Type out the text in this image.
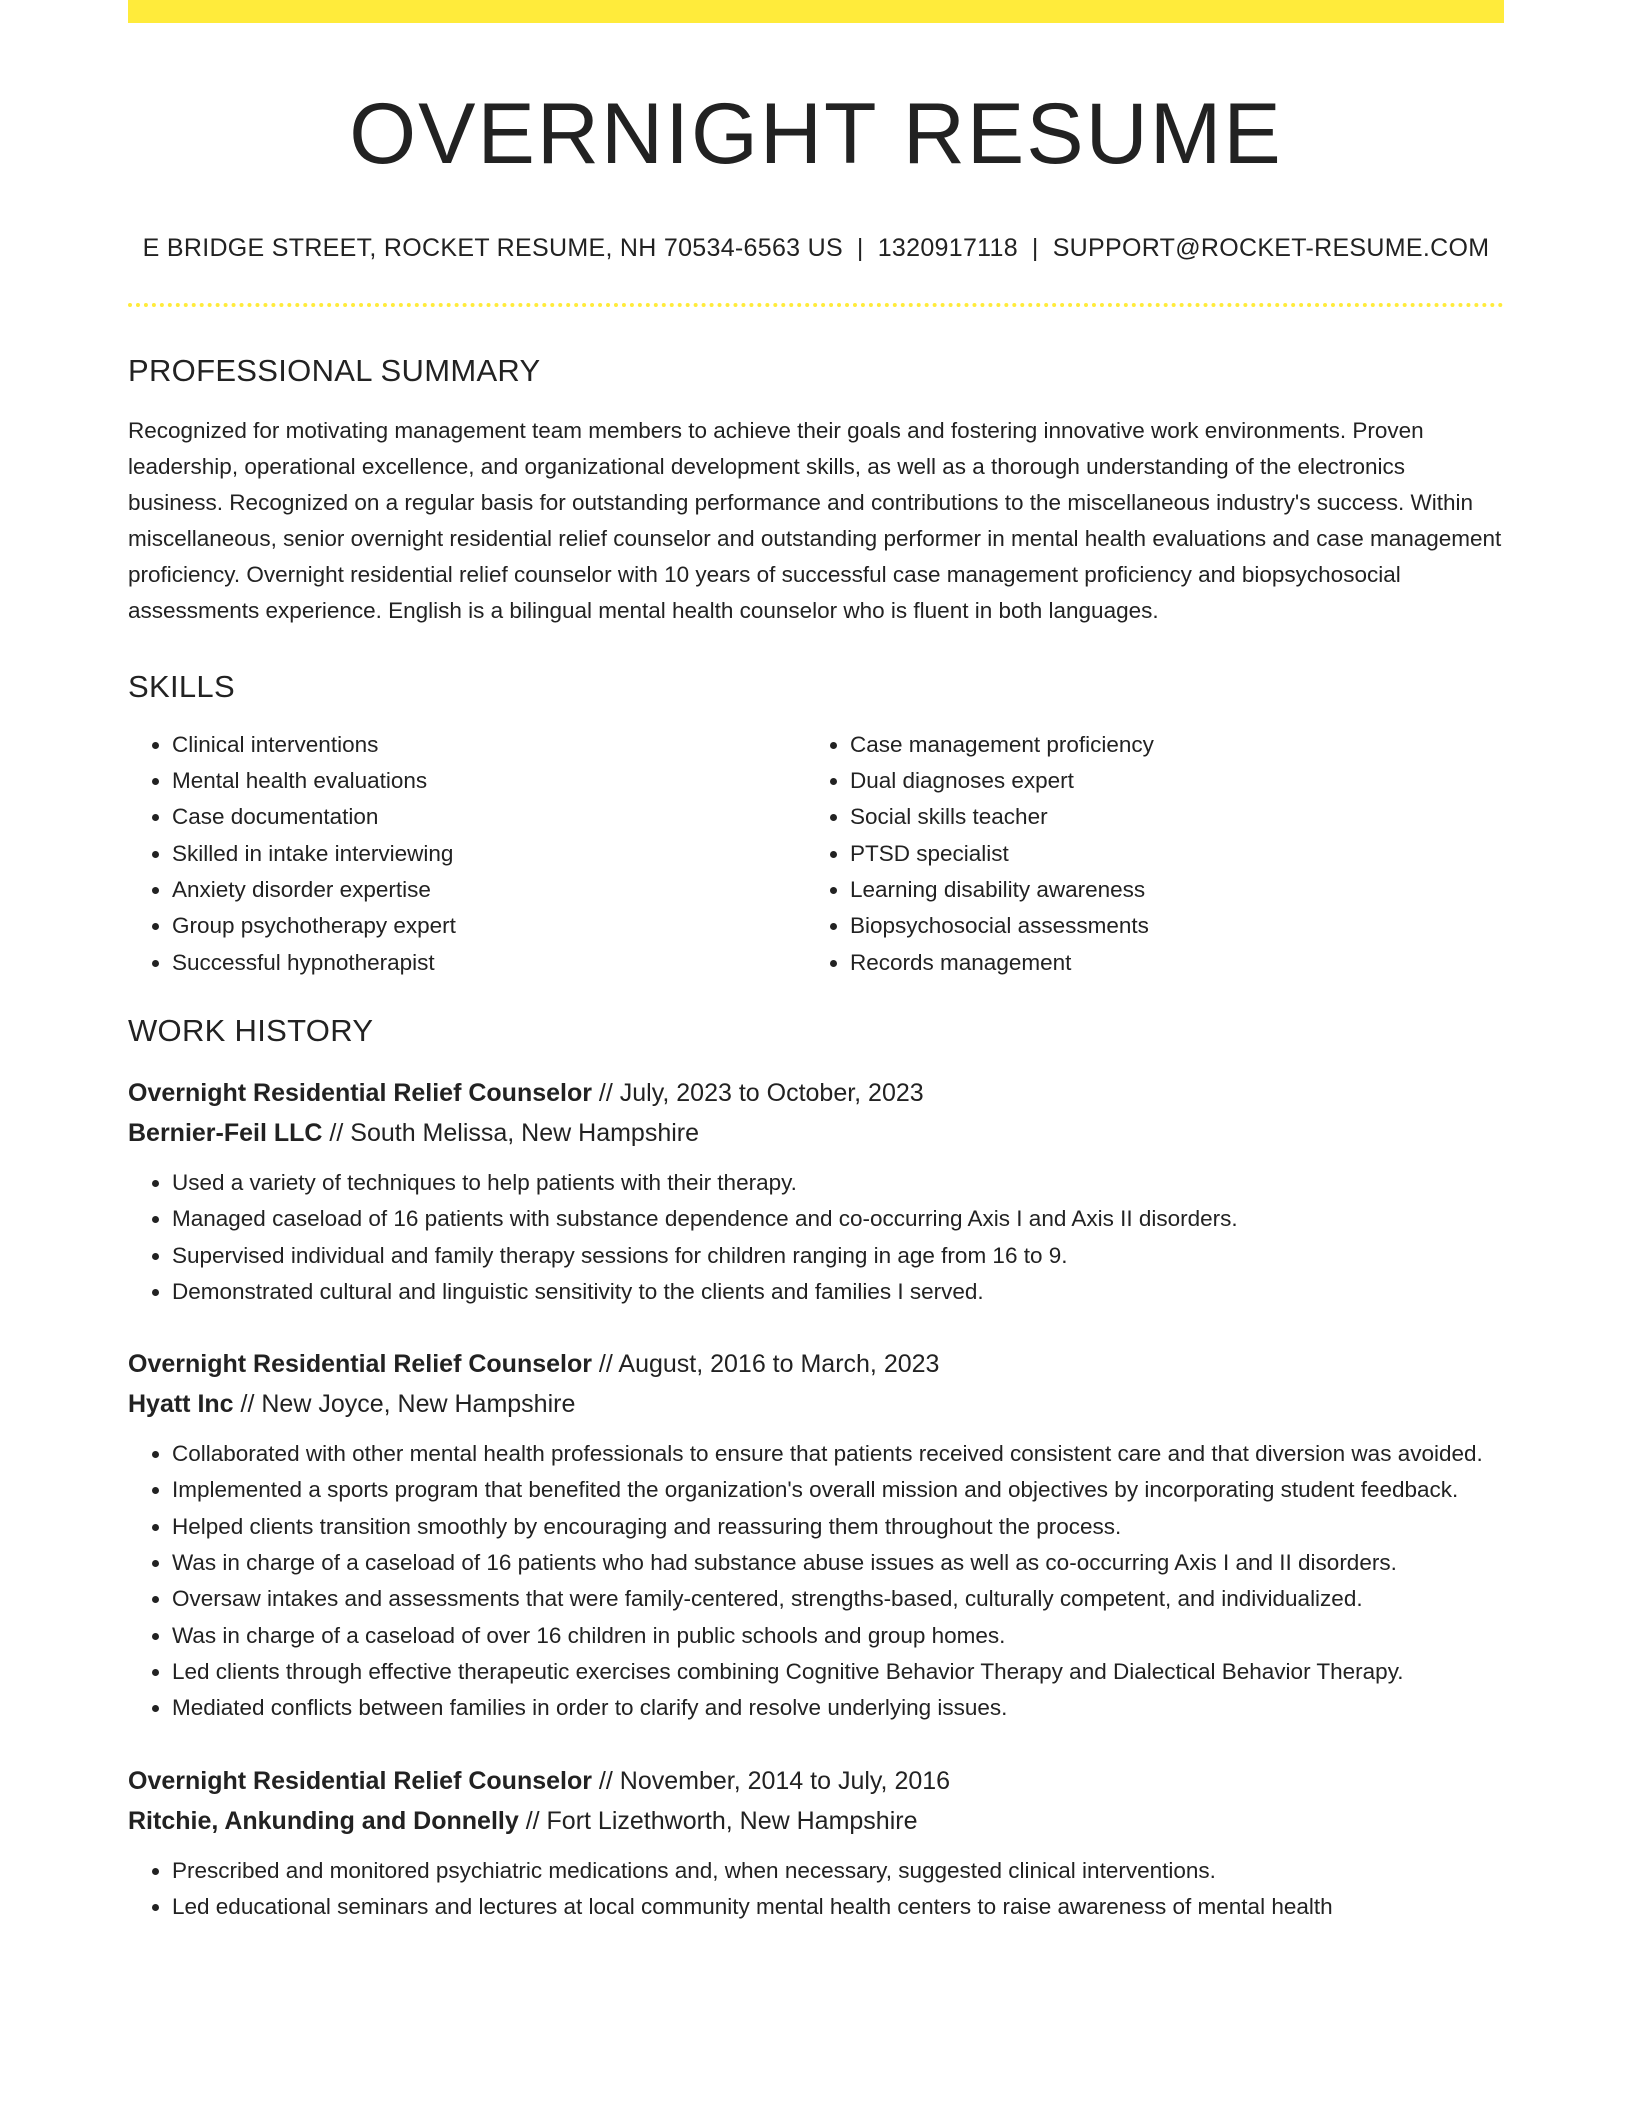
OVERNIGHT RESUME
E BRIDGE STREET, ROCKET RESUME, NH 70534-6563 US | 1320917118 | SUPPORT@ROCKET-RESUME.COM
PROFESSIONAL SUMMARY
Recognized for motivating management team members to achieve their goals and fostering innovative work environments. Proven leadership, operational excellence, and organizational development skills, as well as a thorough understanding of the electronics business. Recognized on a regular basis for outstanding performance and contributions to the miscellaneous industry's success. Within miscellaneous, senior overnight residential relief counselor and outstanding performer in mental health evaluations and case management proficiency. Overnight residential relief counselor with 10 years of successful case management proficiency and biopsychosocial assessments experience. English is a bilingual mental health counselor who is fluent in both languages.
SKILLS
• Clinical interventions
• Mental health evaluations
• Case documentation
• Skilled in intake interviewing
• Anxiety disorder expertise
• Group psychotherapy expert
• Successful hypnotherapist
• Case management proficiency
• Dual diagnoses expert
• Social skills teacher
• PTSD specialist
• Learning disability awareness
• Biopsychosocial assessments
• Records management
WORK HISTORY
Overnight Residential Relief Counselor // July, 2023 to October, 2023
Bernier-Feil LLC // South Melissa, New Hampshire
• Used a variety of techniques to help patients with their therapy.
• Managed caseload of 16 patients with substance dependence and co-occurring Axis I and Axis II disorders.
• Supervised individual and family therapy sessions for children ranging in age from 16 to 9.
• Demonstrated cultural and linguistic sensitivity to the clients and families I served.
Overnight Residential Relief Counselor // August, 2016 to March, 2023
Hyatt Inc // New Joyce, New Hampshire
• Collaborated with other mental health professionals to ensure that patients received consistent care and that diversion was avoided.
• Implemented a sports program that benefited the organization's overall mission and objectives by incorporating student feedback.
• Helped clients transition smoothly by encouraging and reassuring them throughout the process.
• Was in charge of a caseload of 16 patients who had substance abuse issues as well as co-occurring Axis I and II disorders.
• Oversaw intakes and assessments that were family-centered, strengths-based, culturally competent, and individualized.
• Was in charge of a caseload of over 16 children in public schools and group homes.
• Led clients through effective therapeutic exercises combining Cognitive Behavior Therapy and Dialectical Behavior Therapy.
• Mediated conflicts between families in order to clarify and resolve underlying issues.
Overnight Residential Relief Counselor // November, 2014 to July, 2016
Ritchie, Ankunding and Donnelly // Fort Lizethworth, New Hampshire
• Prescribed and monitored psychiatric medications and, when necessary, suggested clinical interventions.
• Led educational seminars and lectures at local community mental health centers to raise awareness of mental health
